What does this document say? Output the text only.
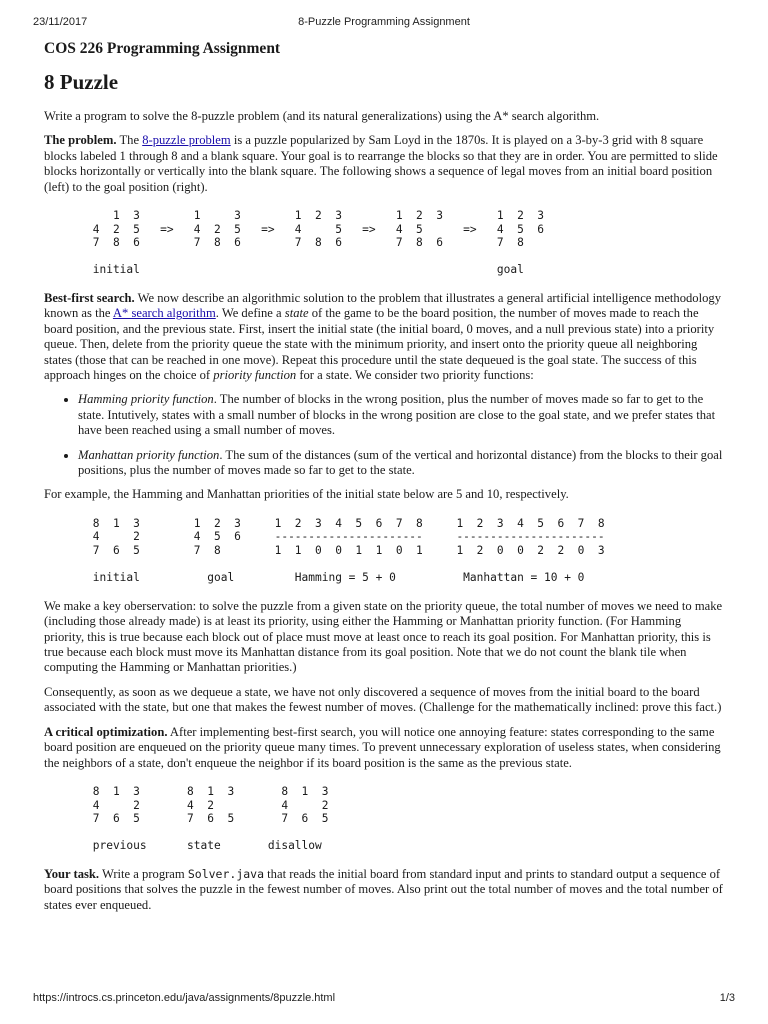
23/11/2017	8-Puzzle Programming Assignment
COS 226 Programming Assignment
8 Puzzle

Write a program to solve the 8-puzzle problem (and its natural generalizations) using the A* search algorithm.

The problem. The 8-puzzle problem is a puzzle popularized by Sam Loyd in the 1870s. It is played on a 3-by-3 grid with 8 square blocks labeled 1 through 8 and a blank square. Your goal is to rearrange the blocks so that they are in order. You are permitted to slide blocks horizontally or vertically into the blank square. The following shows a sequence of legal moves from an initial board position (left) to the goal position (right).

1  3        1     3        1  2  3        1  2  3        1  2  3
4  2  5   =>   4  2  5   =>   4     5   =>   4  5      =>   4  5  6
7  8  6        7  8  6        7  8  6        7  8  6        7  8

initial                                                     goal

Best-first search. We now describe an algorithmic solution to the problem that illustrates a general artificial intelligence methodology known as the A* search algorithm. We define a state of the game to be the board position, the number of moves made to reach the board position, and the previous state. First, insert the initial state (the initial board, 0 moves, and a null previous state) into a priority queue. Then, delete from the priority queue the state with the minimum priority, and insert onto the priority queue all neighboring states (those that can be reached in one move). Repeat this procedure until the state dequeued is the goal state. The success of this approach hinges on the choice of priority function for a state. We consider two priority functions:

• Hamming priority function. The number of blocks in the wrong position, plus the number of moves made so far to get to the state. Intutively, states with a small number of blocks in the wrong position are close to the goal state, and we prefer states that have been reached using a small number of moves.
• Manhattan priority function. The sum of the distances (sum of the vertical and horizontal distance) from the blocks to their goal positions, plus the number of moves made so far to get to the state.

For example, the Hamming and Manhattan priorities of the initial state below are 5 and 10, respectively.

8  1  3        1  2  3     1  2  3  4  5  6  7  8     1  2  3  4  5  6  7  8
4     2        4  5  6     ----------------------     ----------------------
7  6  5        7  8        1  1  0  0  1  1  0  1     1  2  0  0  2  2  0  3

initial          goal         Hamming = 5 + 0          Manhattan = 10 + 0

We make a key oberservation: to solve the puzzle from a given state on the priority queue, the total number of moves we need to make (including those already made) is at least its priority, using either the Hamming or Manhattan priority function. (For Hamming priority, this is true because each block out of place must move at least once to reach its goal position. For Manhattan priority, this is true because each block must move its Manhattan distance from its goal position. Note that we do not count the blank tile when computing the Hamming or Manhattan priorities.)

Consequently, as soon as we dequeue a state, we have not only discovered a sequence of moves from the initial board to the board associated with the state, but one that makes the fewest number of moves. (Challenge for the mathematically inclined: prove this fact.)

A critical optimization. After implementing best-first search, you will notice one annoying feature: states corresponding to the same board position are enqueued on the priority queue many times. To prevent unnecessary exploration of useless states, when considering the neighbors of a state, don't enqueue the neighbor if its board position is the same as the previous state.

8  1  3       8  1  3       8  1  3
4     2       4  2          4     2
7  6  5       7  6  5       7  6  5

previous      state       disallow

Your task. Write a program Solver.java that reads the initial board from standard input and prints to standard output a sequence of board positions that solves the puzzle in the fewest number of moves. Also print out the total number of moves and the total number of states ever enqueued.

https://introcs.cs.princeton.edu/java/assignments/8puzzle.html	1/3
